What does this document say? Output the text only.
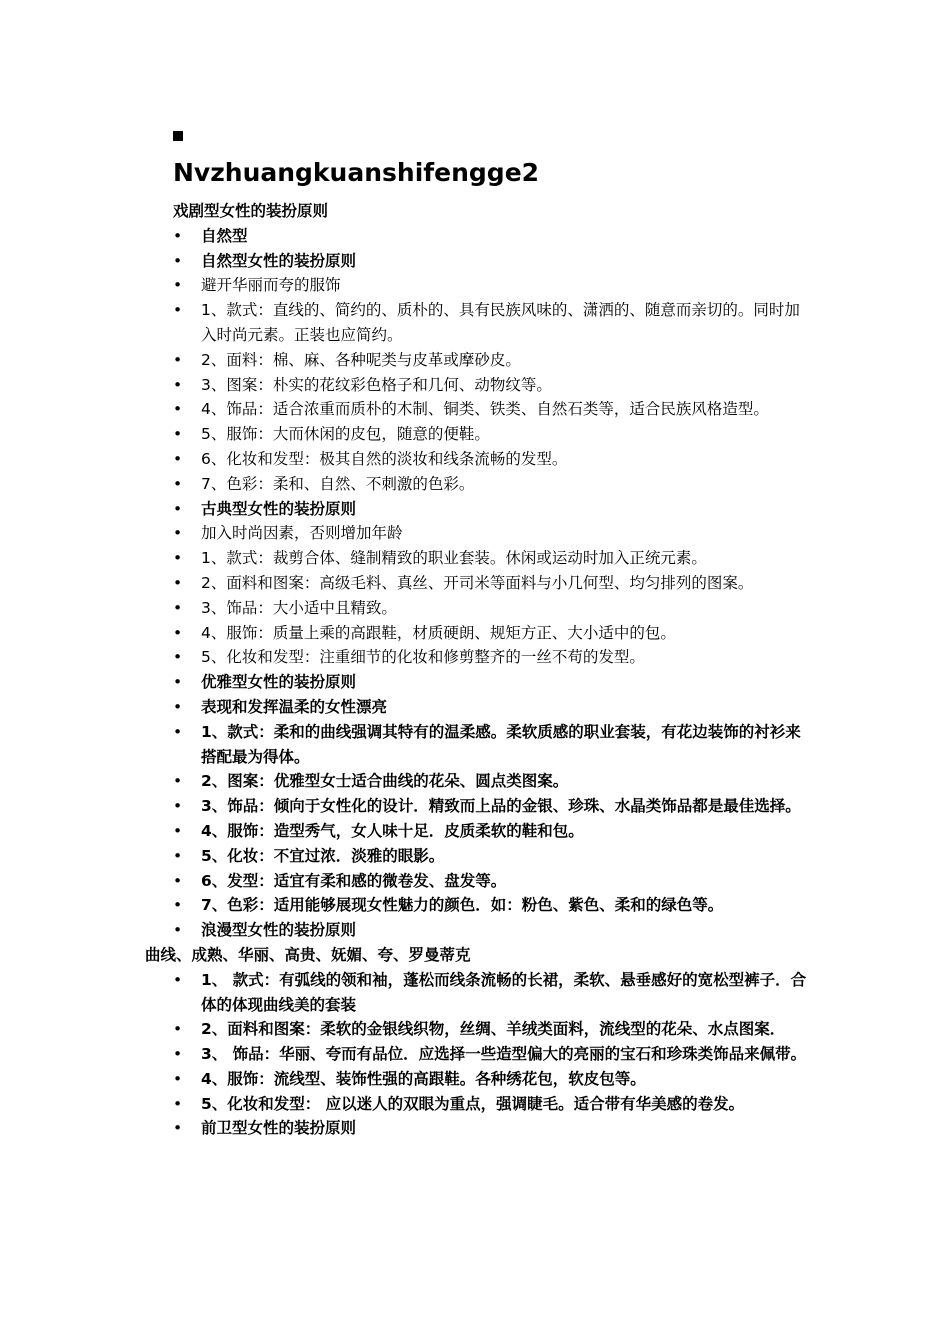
Nvzhuangkuanshifengge2
戏剧型女性的装扮原则
• 自然型
• 自然型女性的装扮原则
• 避开华丽而夸的服饰
• 1、款式：直线的、简约的、质朴的、具有民族风味的、潇洒的、随意而亲切的。同时加入时尚元素。正装也应简约。
• 2、面料：棉、麻、各种呢类与皮革或摩砂皮。
• 3、图案：朴实的花纹彩色格子和几何、动物纹等。
• 4、饰品：适合浓重而质朴的木制、铜类、铁类、自然石类等，适合民族风格造型。
• 5、服饰：大而休闲的皮包，随意的便鞋。
• 6、化妆和发型：极其自然的淡妆和线条流畅的发型。
• 7、色彩：柔和、自然、不刺激的色彩。
• 古典型女性的装扮原则
• 加入时尚因素，否则增加年龄
• 1、款式：裁剪合体、缝制精致的职业套装。休闲或运动时加入正统元素。
• 2、面料和图案：高级毛料、真丝、开司米等面料与小几何型、均匀排列的图案。
• 3、饰品：大小适中且精致。
• 4、服饰：质量上乘的高跟鞋，材质硬朗、规矩方正、大小适中的包。
• 5、化妆和发型：注重细节的化妆和修剪整齐的一丝不苟的发型。
• 优雅型女性的装扮原则
• 表现和发挥温柔的女性漂亮
• 1、款式：柔和的曲线强调其特有的温柔感。柔软质感的职业套装，有花边装饰的衬衫来搭配最为得体。
• 2、图案：优雅型女士适合曲线的花朵、圆点类图案。
• 3、饰品：倾向于女性化的设计．精致而上品的金银、珍珠、水晶类饰品都是最佳选择。
• 4、服饰：造型秀气，女人味十足．皮质柔软的鞋和包。
• 5、化妆：不宜过浓．淡雅的眼影。
• 6、发型：适宜有柔和感的微卷发、盘发等。
• 7、色彩：适用能够展现女性魅力的颜色．如：粉色、紫色、柔和的绿色等。
• 浪漫型女性的装扮原则
曲线、成熟、华丽、高贵、妩媚、夸、罗曼蒂克
• 1、 款式：有弧线的领和袖，蓬松而线条流畅的长裙，柔软、悬垂感好的宽松型裤子．合体的体现曲线美的套装
• 2、面料和图案：柔软的金银线织物，丝绸、羊绒类面料，流线型的花朵、水点图案．
• 3、 饰品：华丽、夸而有品位．应选择一些造型偏大的亮丽的宝石和珍珠类饰品来佩带。
• 4、服饰：流线型、装饰性强的高跟鞋。各种绣花包，软皮包等。
• 5、化妆和发型： 应以迷人的双眼为重点，强调睫毛。适合带有华美感的卷发。
• 前卫型女性的装扮原则
